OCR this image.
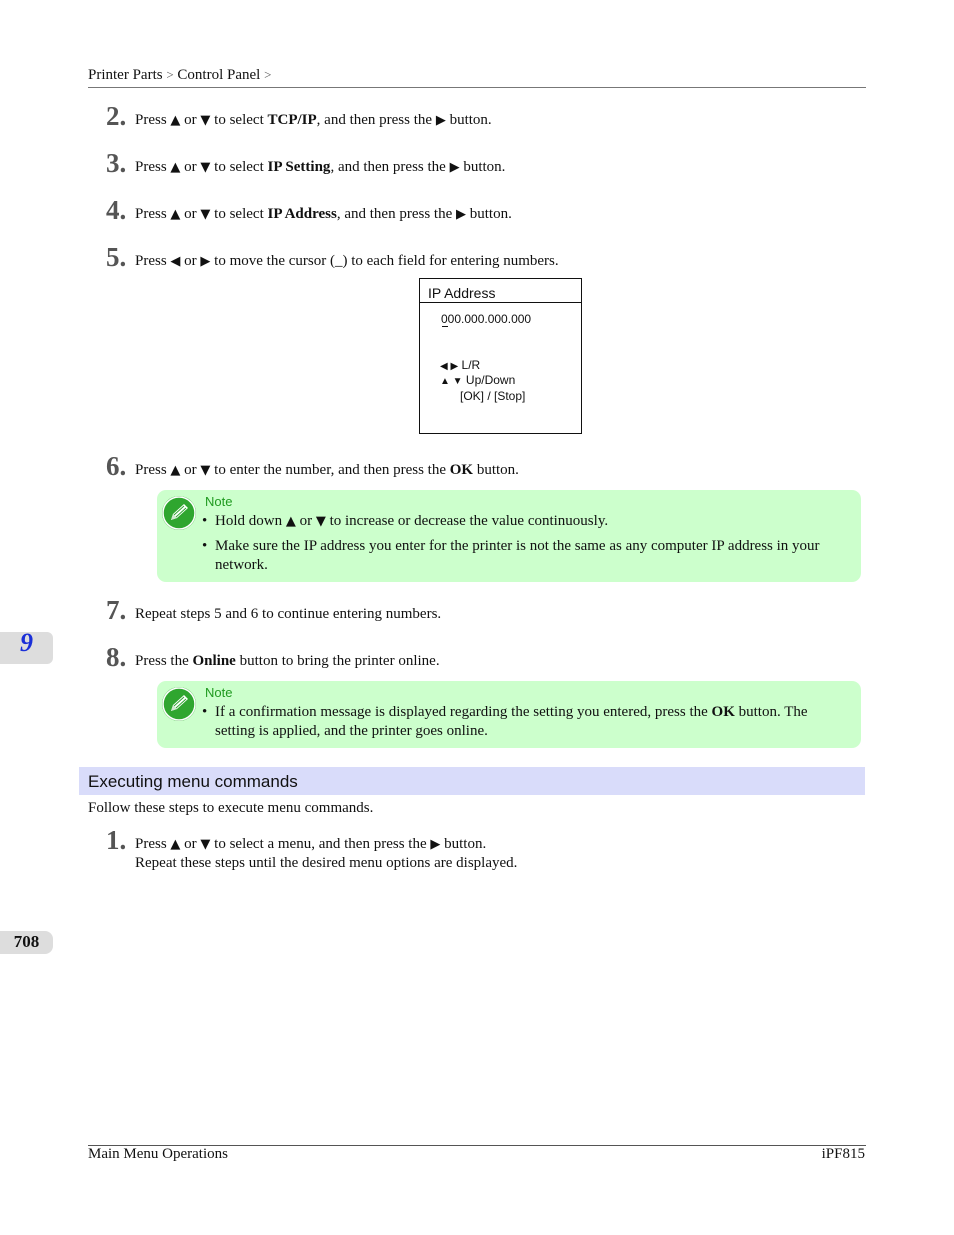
Printer Parts > Control Panel >
2. Press ▲ or ▼ to select TCP/IP, and then press the ▶ button.
3. Press ▲ or ▼ to select IP Setting, and then press the ▶ button.
4. Press ▲ or ▼ to select IP Address, and then press the ▶ button.
5. Press ◀ or ▶ to move the cursor (_) to each field for entering numbers.
IP Address
000.000.000.000
◀ ▶ L/R
▲ ▼ Up/Down
[OK] / [Stop]
6. Press ▲ or ▼ to enter the number, and then press the OK button.
Note
• Hold down ▲ or ▼ to increase or decrease the value continuously.
• Make sure the IP address you enter for the printer is not the same as any computer IP address in your
network.
7. Repeat steps 5 and 6 to continue entering numbers.
8. Press the Online button to bring the printer online.
Note
• If a confirmation message is displayed regarding the setting you entered, press the OK button. The
setting is applied, and the printer goes online.
Executing menu commands
Follow these steps to execute menu commands.
1. Press ▲ or ▼ to select a menu, and then press the ▶ button.
Repeat these steps until the desired menu options are displayed.
9
708
Main Menu Operations	iPF815
